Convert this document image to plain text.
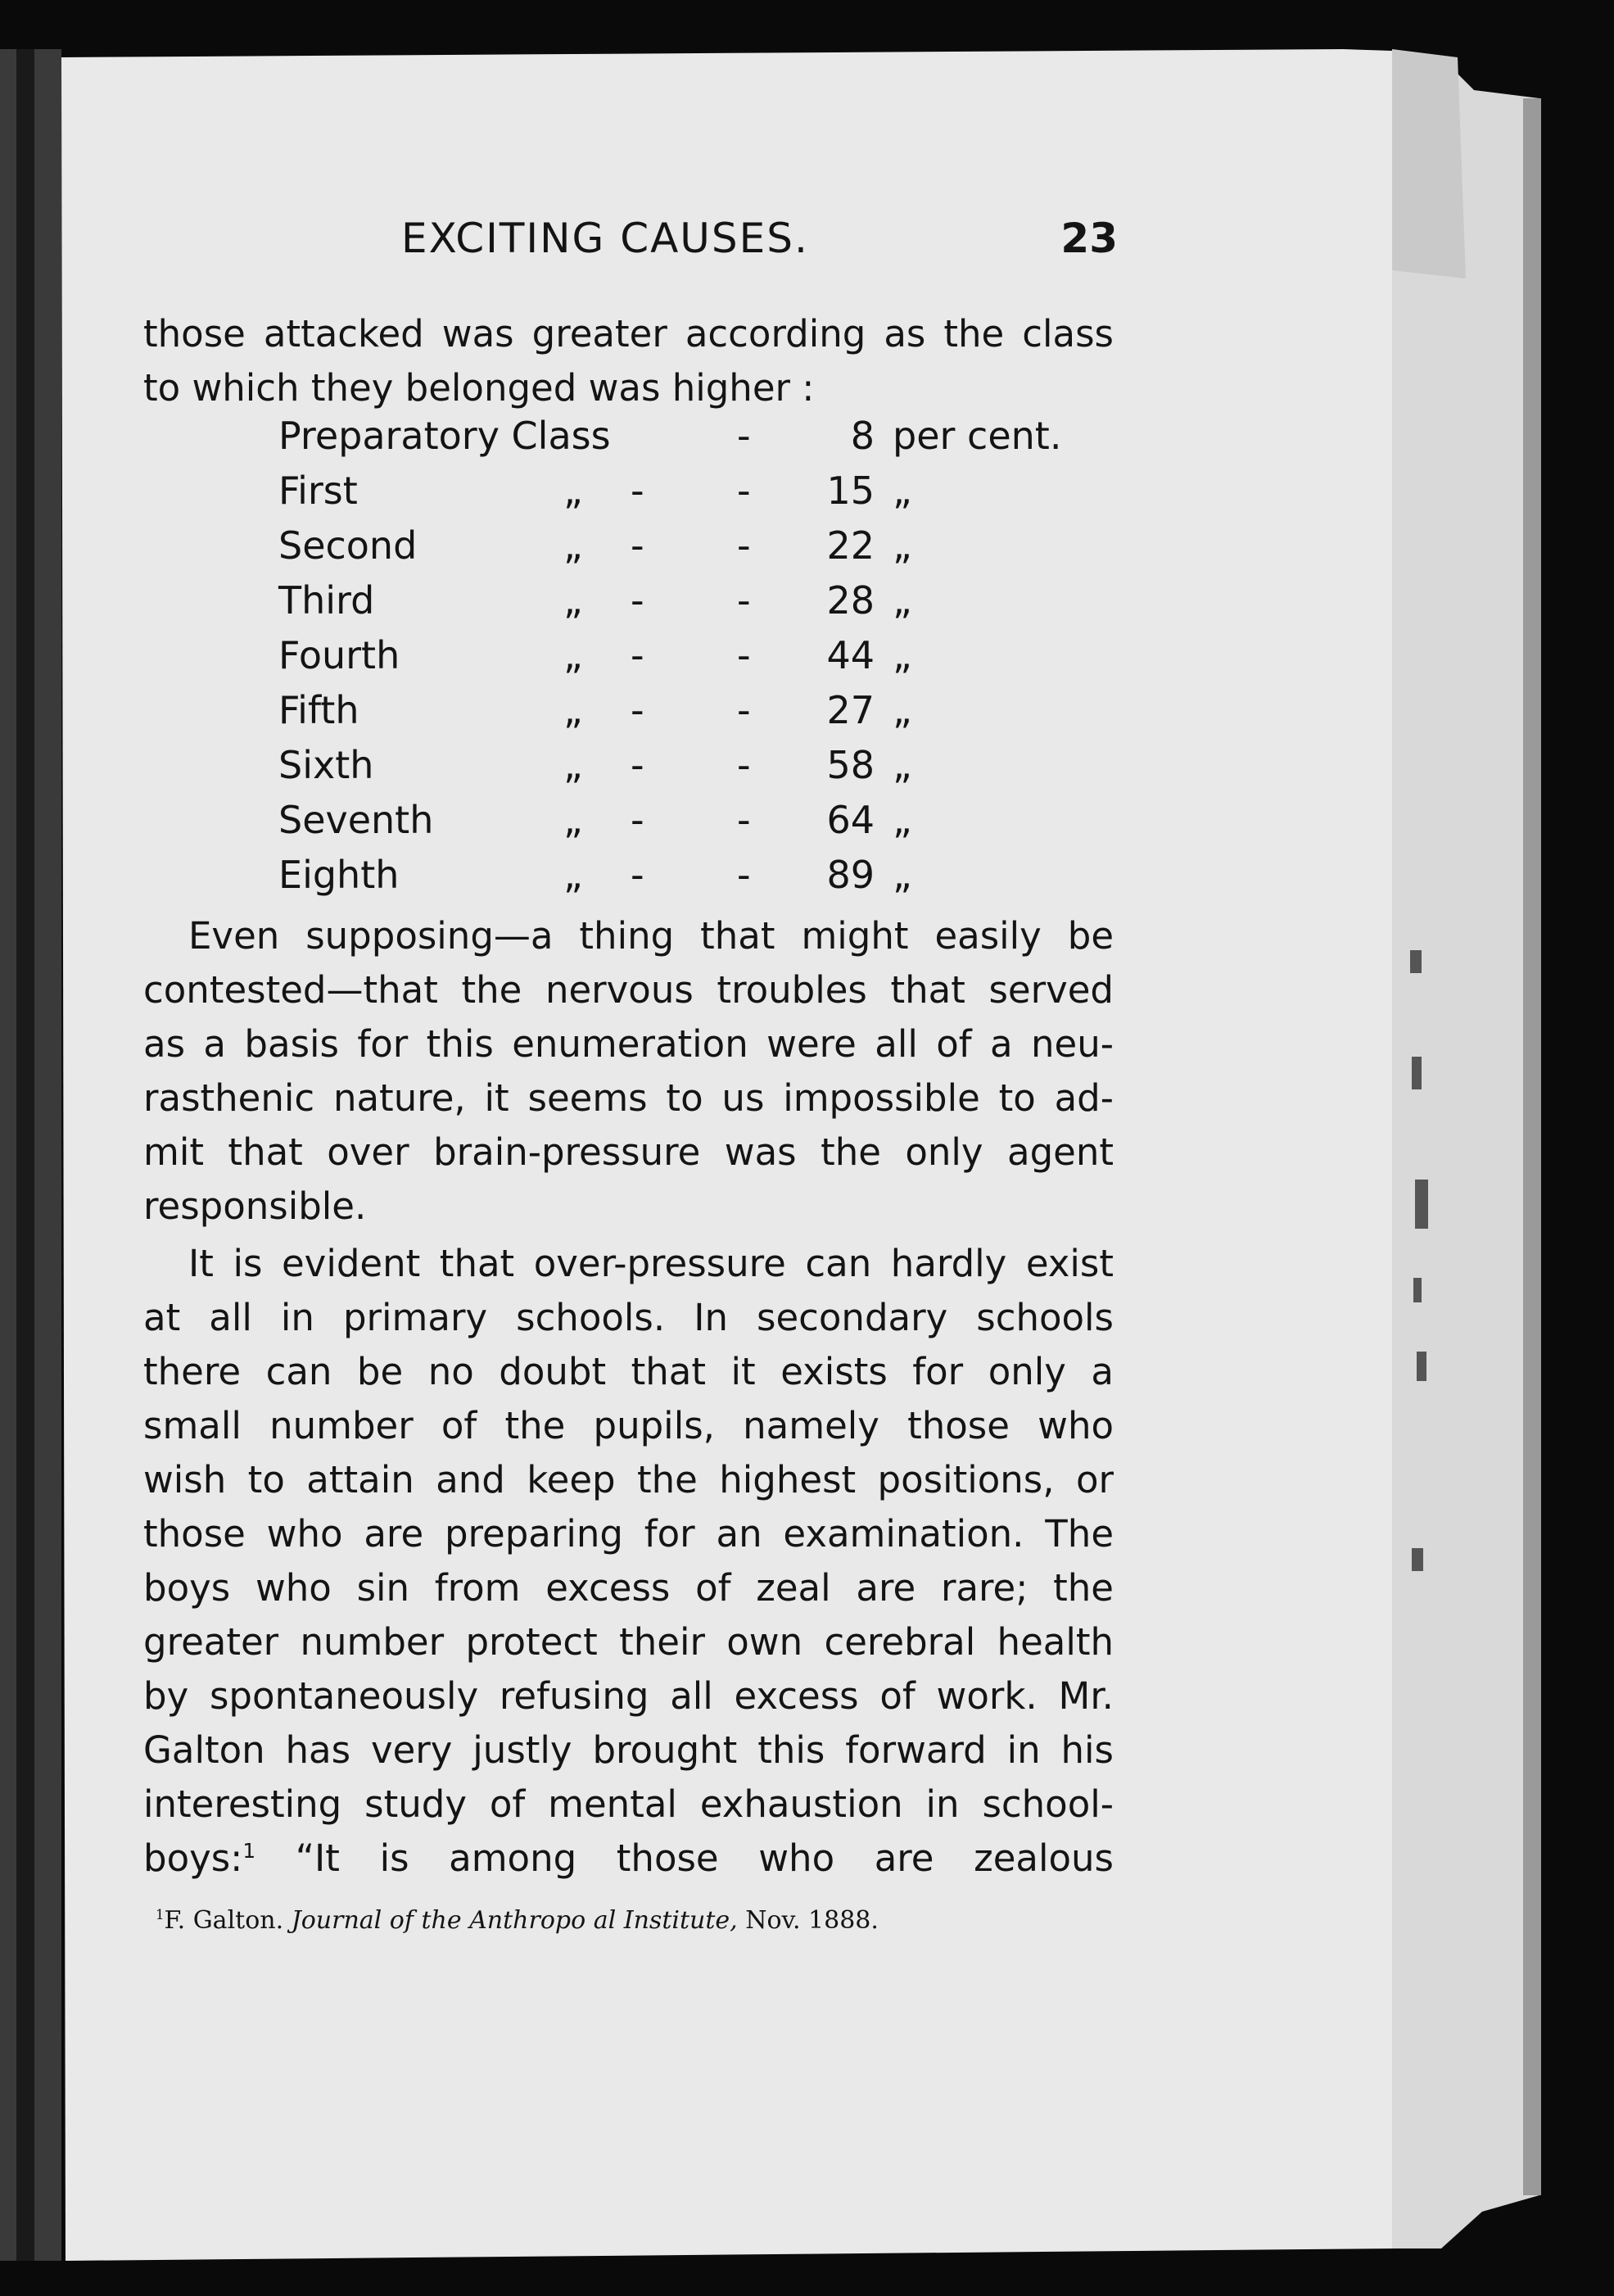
EXCITING CAUSES.	23
those attacked was greater according as the class
to which they belonged was higher :
Preparatory Class	-	8 per cent.
First	„ - -	15 „
Second	„ - -	22 „
Third	„ - -	28 „
Fourth	„ - -	44 „
Fifth	„ - -	27 „
Sixth	„ - -	58 „
Seventh	„ - -	64 „
Eighth	„ - -	89 „
Even supposing—a thing that might easily be
contested—that the nervous troubles that served
as a basis for this enumeration were all of a neu-
rasthenic nature, it seems to us impossible to ad-
mit that over brain-pressure was the only agent
responsible.
It is evident that over-pressure can hardly exist
at all in primary schools. In secondary schools
there can be no doubt that it exists for only a
small number of the pupils, namely those who
wish to attain and keep the highest positions, or
those who are preparing for an examination. The
boys who sin from excess of zeal are rare; the
greater number protect their own cerebral health
by spontaneously refusing all excess of work. Mr.
Galton has very justly brought this forward in his
interesting study of mental exhaustion in school-
boys:$^1$ “It is among those who are zealous
$^1$F. Galton. Journal of the Anthropo al Institute, Nov. 1888.
